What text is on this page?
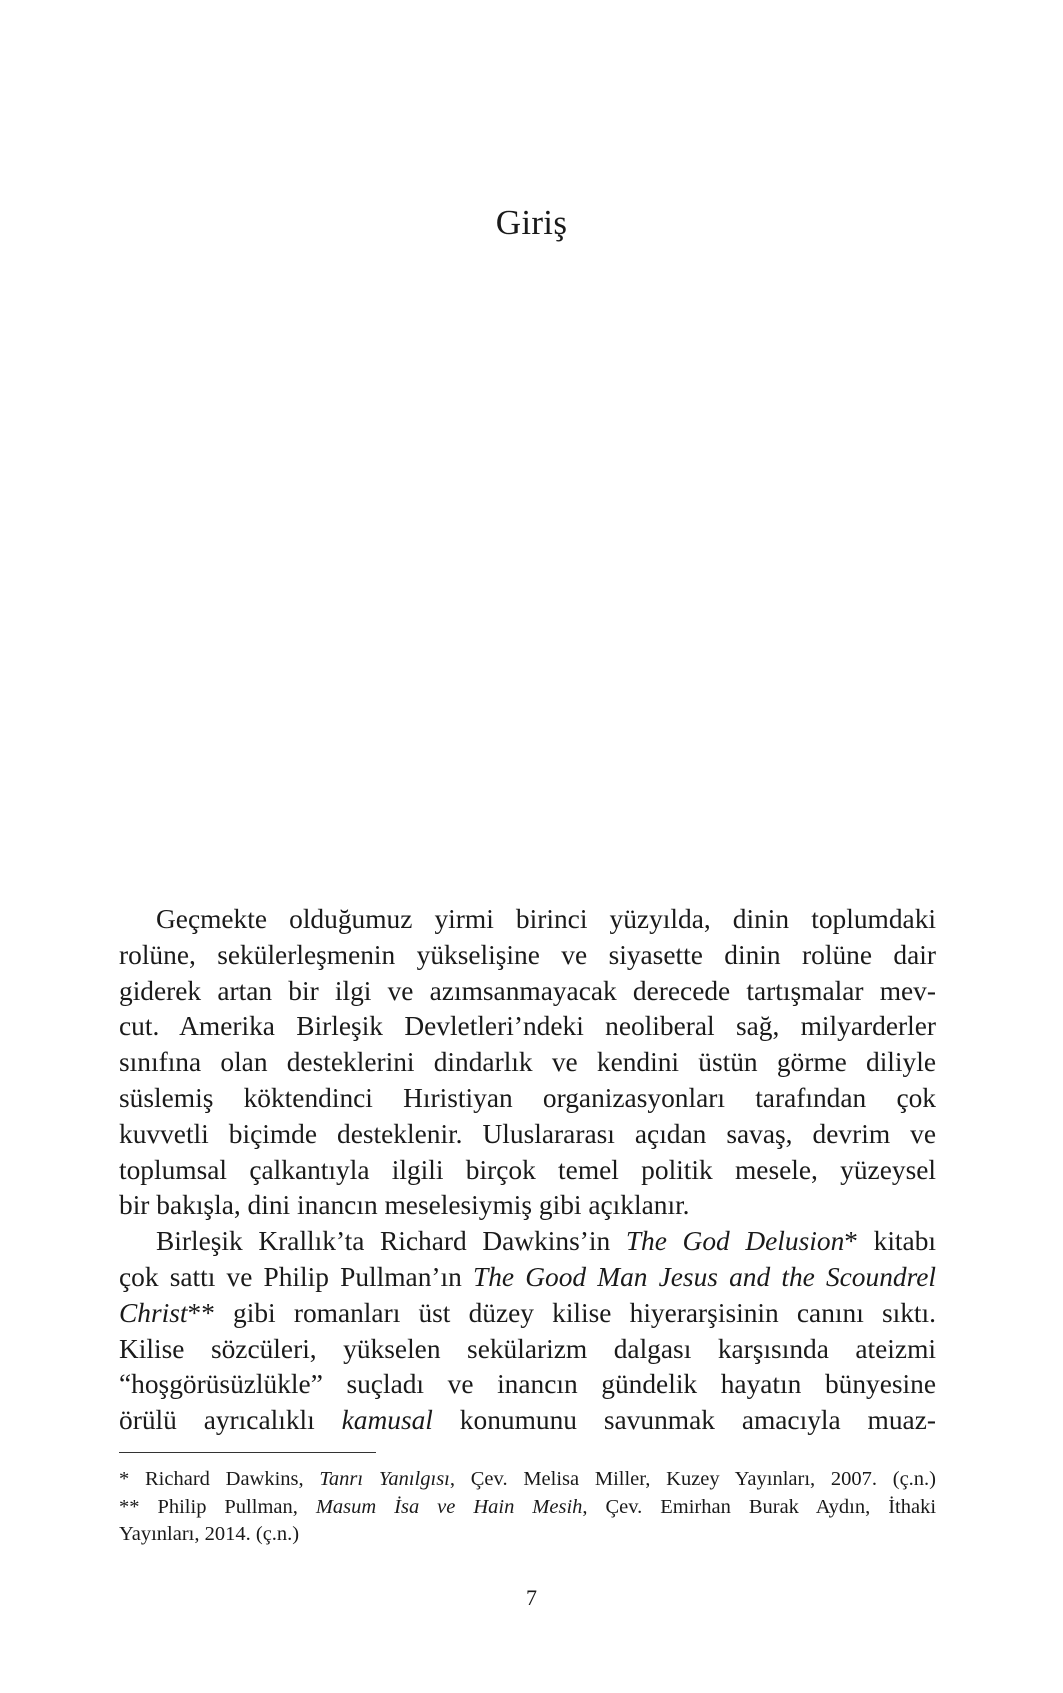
Giriş
Geçmekte olduğumuz yirmi birinci yüzyılda, dinin toplumdaki
rolüne, sekülerleşmenin yükselişine ve siyasette dinin rolüne dair
giderek artan bir ilgi ve azımsanmayacak derecede tartışmalar mev-
cut. Amerika Birleşik Devletleri’ndeki neoliberal sağ, milyarderler
sınıfına olan desteklerini dindarlık ve kendini üstün görme diliyle
süslemiş köktendinci Hıristiyan organizasyonları tarafından çok
kuvvetli biçimde desteklenir. Uluslararası açıdan savaş, devrim ve
toplumsal çalkantıyla ilgili birçok temel politik mesele, yüzeysel
bir bakışla, dini inancın meselesiymiş gibi açıklanır.
Birleşik Krallık’ta Richard Dawkins’in The God Delusion* kitabı
çok sattı ve Philip Pullman’ın The Good Man Jesus and the Scoundrel
Christ** gibi romanları üst düzey kilise hiyerarşisinin canını sıktı.
Kilise sözcüleri, yükselen sekülarizm dalgası karşısında ateizmi
“hoşgörüsüzlükle” suçladı ve inancın gündelik hayatın bünyesine
örülü ayrıcalıklı kamusal konumunu savunmak amacıyla muaz-
* Richard Dawkins, Tanrı Yanılgısı, Çev. Melisa Miller, Kuzey Yayınları, 2007. (ç.n.)
** Philip Pullman, Masum İsa ve Hain Mesih, Çev. Emirhan Burak Aydın, İthaki
Yayınları, 2014. (ç.n.)
7
